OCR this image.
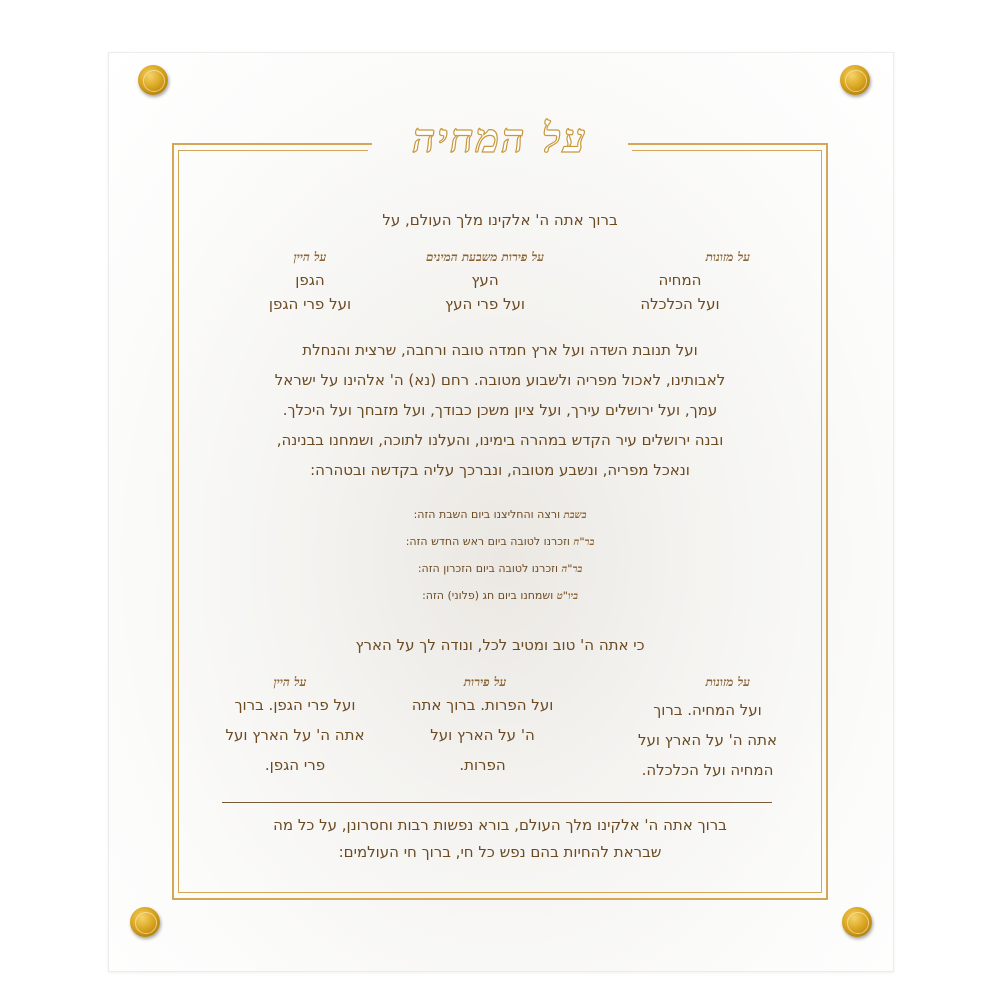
על המחיה
ברוך אתה ה' אלקינו מלך העולם, על
על מזונות
המחיה
ועל הכלכלה
על פירות משבעת המינים
העץ
ועל פרי העץ
על היין
הגפן
ועל פרי הגפן
ועל תנובת השדה ועל ארץ חמדה טובה ורחבה, שרצית והנחלת
לאבותינו, לאכול מפריה ולשבוע מטובה. רחם (נא) ה' אלהינו על ישראל
עמך, ועל ירושלים עירך, ועל ציון משכן כבודך, ועל מזבחך ועל היכלך.
ובנה ירושלים עיר הקדש במהרה בימינו, והעלנו לתוכה, ושמחנו בבנינה,
ונאכל מפריה, ונשבע מטובה, ונברכך עליה בקדשה ובטהרה:
בשבת ורצה והחליצנו ביום השבת הזה:
בר"ח וזכרנו לטובה ביום ראש החדש הזה:
בר"ה וזכרנו לטובה ביום הזכרון הזה:
ביו"ט ושמחנו ביום חג (פלוני) הזה:
כי אתה ה' טוב ומטיב לכל, ונודה לך על הארץ
על מזונות
ועל המחיה. ברוך
אתה ה' על הארץ ועל
המחיה ועל הכלכלה.
על פירות
ועל הפרות. ברוך אתה
ה' על הארץ ועל
הפרות.
על היין
ועל פרי הגפן. ברוך
אתה ה' על הארץ ועל
פרי הגפן.
ברוך אתה ה' אלקינו מלך העולם, בורא נפשות רבות וחסרונן, על כל מה
שבראת להחיות בהם נפש כל חי, ברוך חי העולמים:
